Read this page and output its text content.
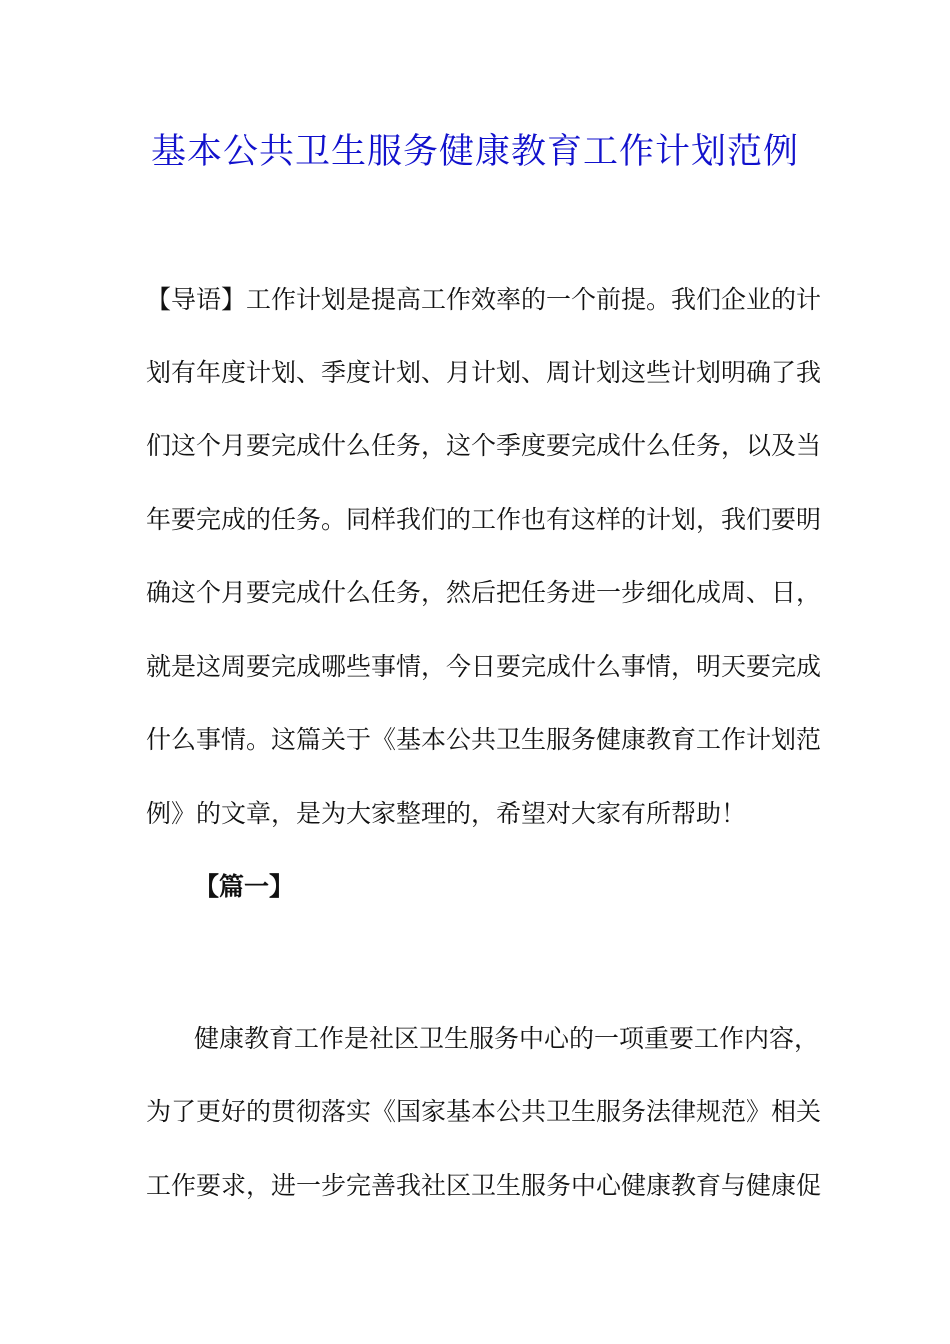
基本公共卫生服务健康教育工作计划范例
【导语】工作计划是提高工作效率的一个前提。我们企业的计
划有年度计划、季度计划、月计划、周计划这些计划明确了我
们这个月要完成什么任务，这个季度要完成什么任务，以及当
年要完成的任务。同样我们的工作也有这样的计划，我们要明
确这个月要完成什么任务，然后把任务进一步细化成周、日，
就是这周要完成哪些事情，今日要完成什么事情，明天要完成
什么事情。这篇关于《基本公共卫生服务健康教育工作计划范
例》的文章，是为大家整理的，希望对大家有所帮助！
【篇一】
健康教育工作是社区卫生服务中心的一项重要工作内容，
为了更好的贯彻落实《国家基本公共卫生服务法律规范》相关
工作要求，进一步完善我社区卫生服务中心健康教育与健康促
